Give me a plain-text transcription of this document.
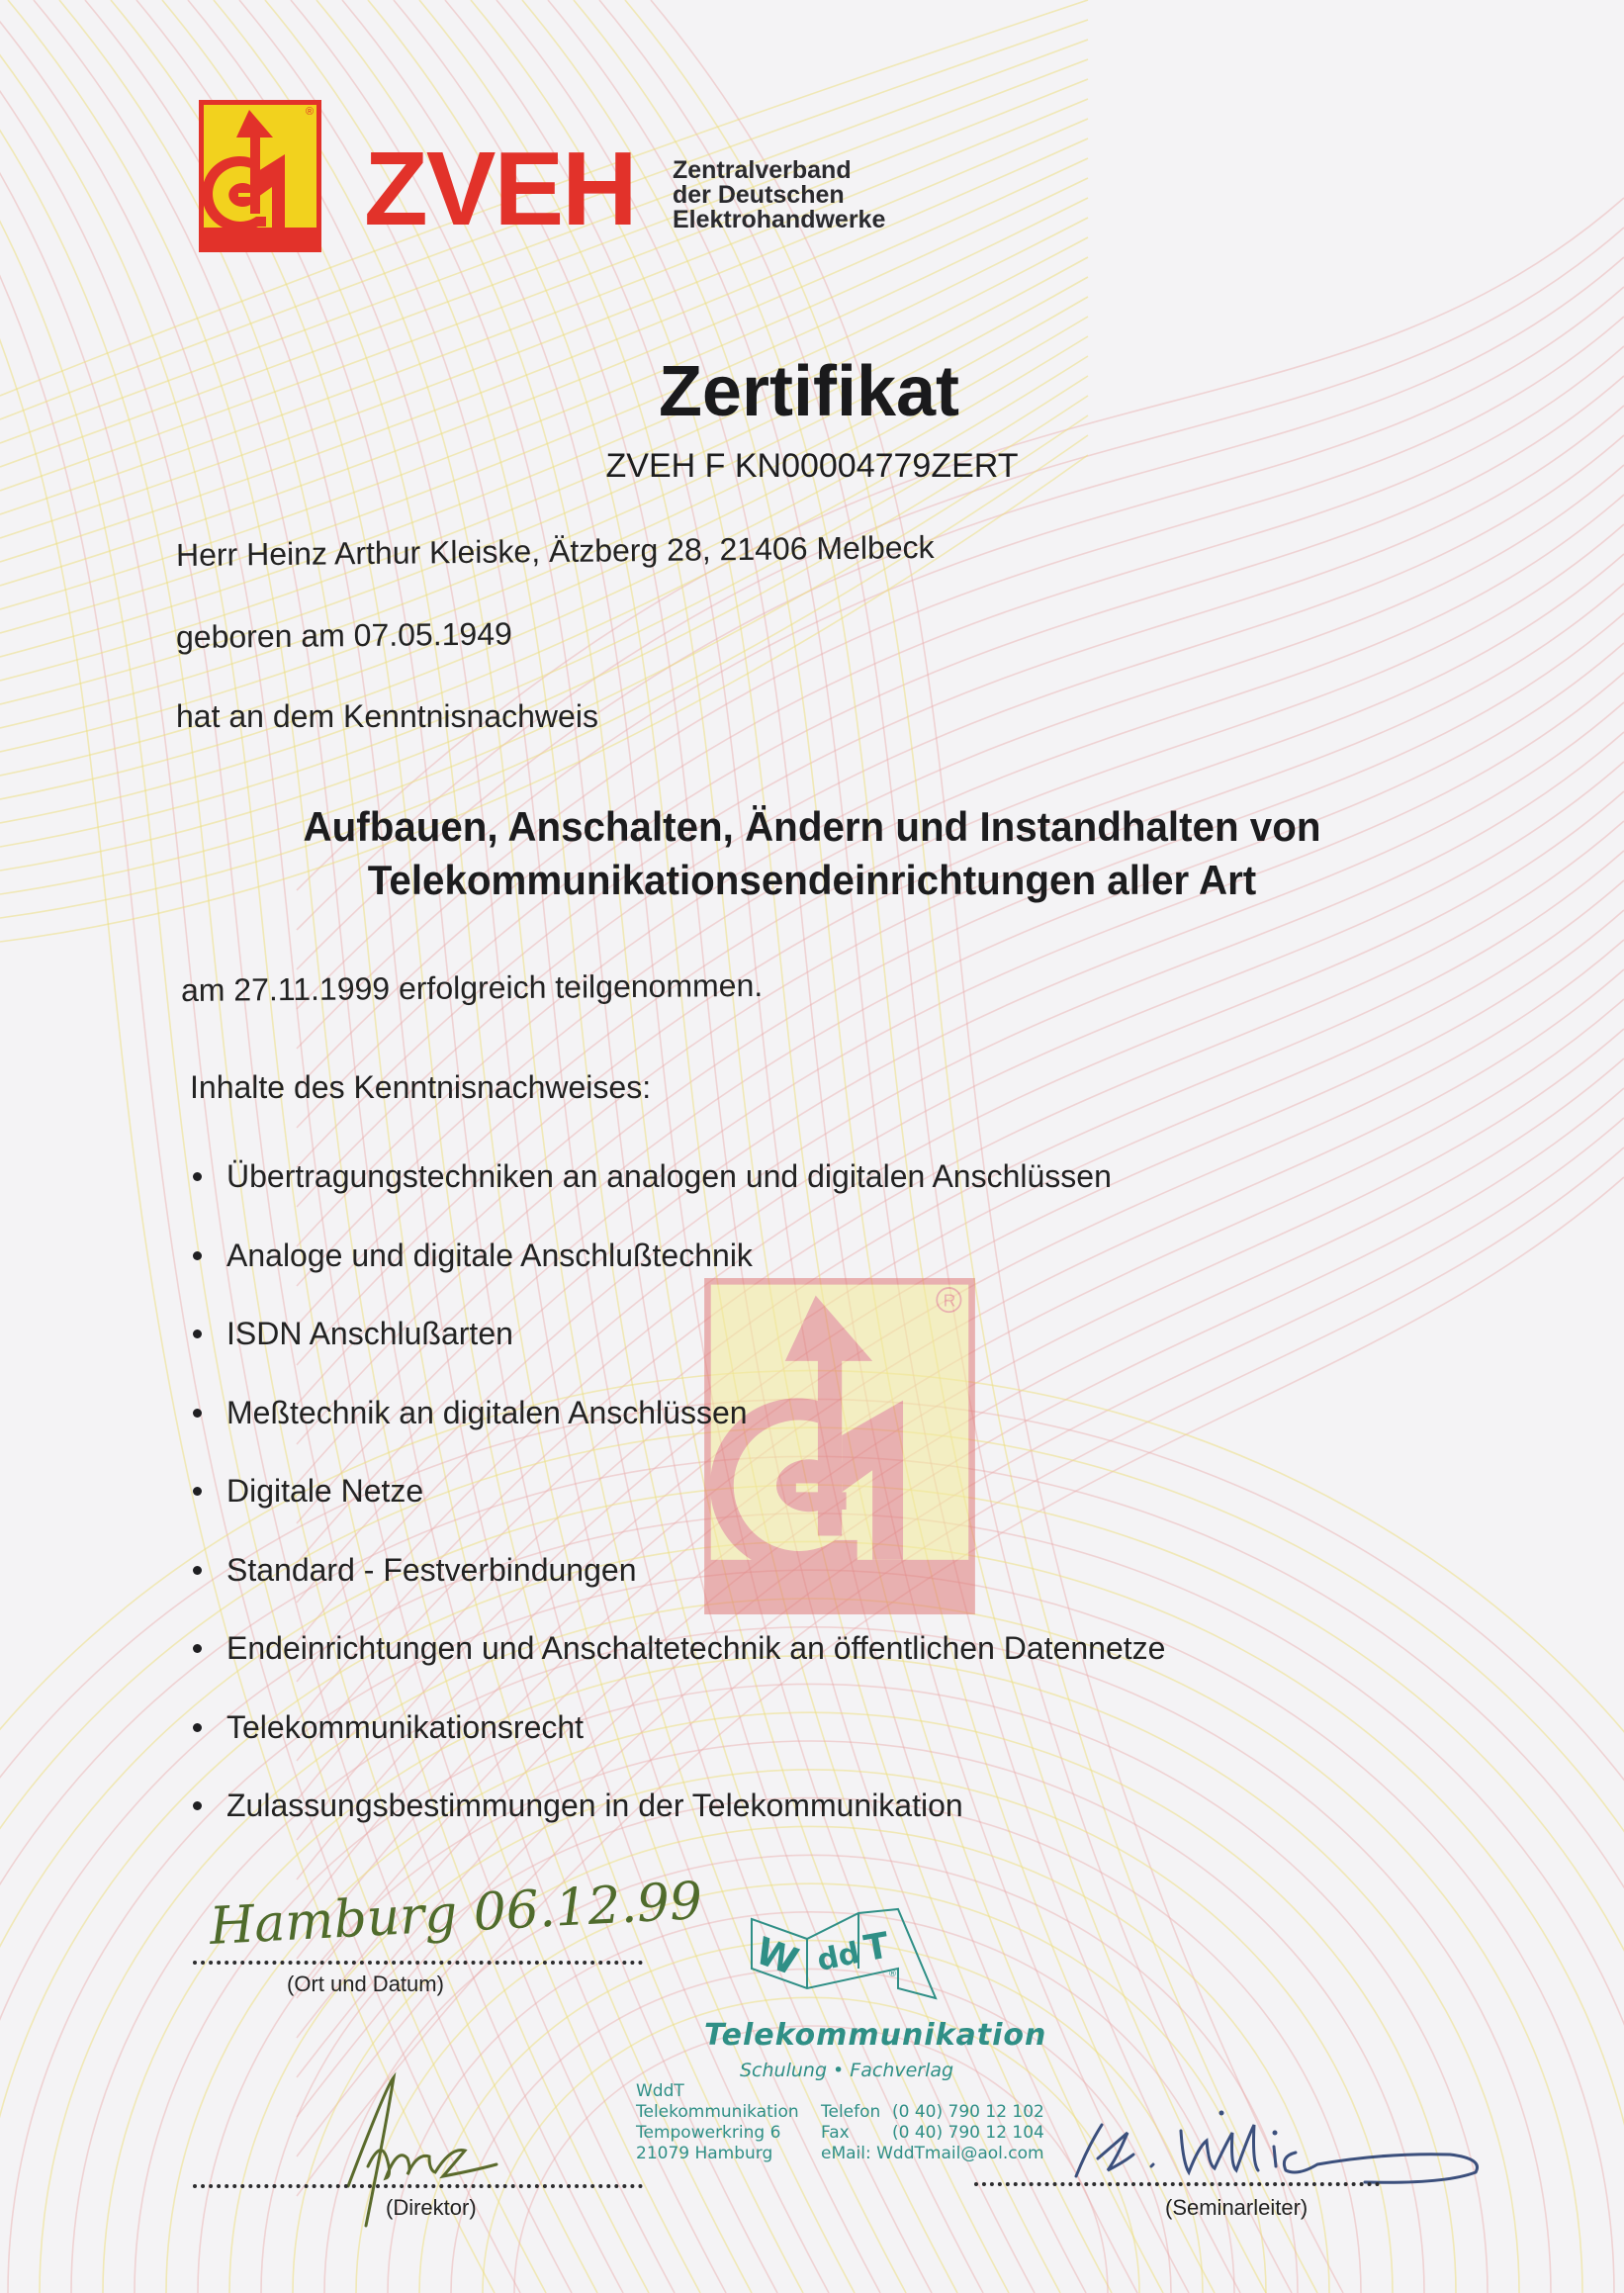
®
ZVEH Zentralverband
der Deutschen
Elektrohandwerke
Zertifikat
ZVEH F KN00004779ZERT
Herr Heinz Arthur Kleiske, Ätzberg 28, 21406 Melbeck
geboren am 07.05.1949
hat an dem Kenntnisnachweis
Aufbauen, Anschalten, Ändern und Instandhalten von
Telekommunikationsendeinrichtungen aller Art
am 27.11.1999 erfolgreich teilgenommen.
Inhalte des Kenntnisnachweises:
R
Übertragungstechniken an analogen und digitalen Anschlüssen
Analoge und digitale Anschlußtechnik
ISDN Anschlußarten
Meßtechnik an digitalen Anschlüssen
Digitale Netze
Standard - Festverbindungen
Endeinrichtungen und Anschaltetechnik an öffentlichen Datennetze
Telekommunikationsrecht
Zulassungsbestimmungen in der Telekommunikation
Hamburg 06.12.99
(Ort und Datum)
W dd
T
®
Telekommunikation
Schulung • Fachverlag
WddT
Telekommunikation
Tempowerkring 6
21079 Hamburg
Telefon (0 40) 790 12 102
Fax	(0 40) 790 12 104
eMail: WddTmail@aol.com
(Direktor)	(Seminarleiter)
